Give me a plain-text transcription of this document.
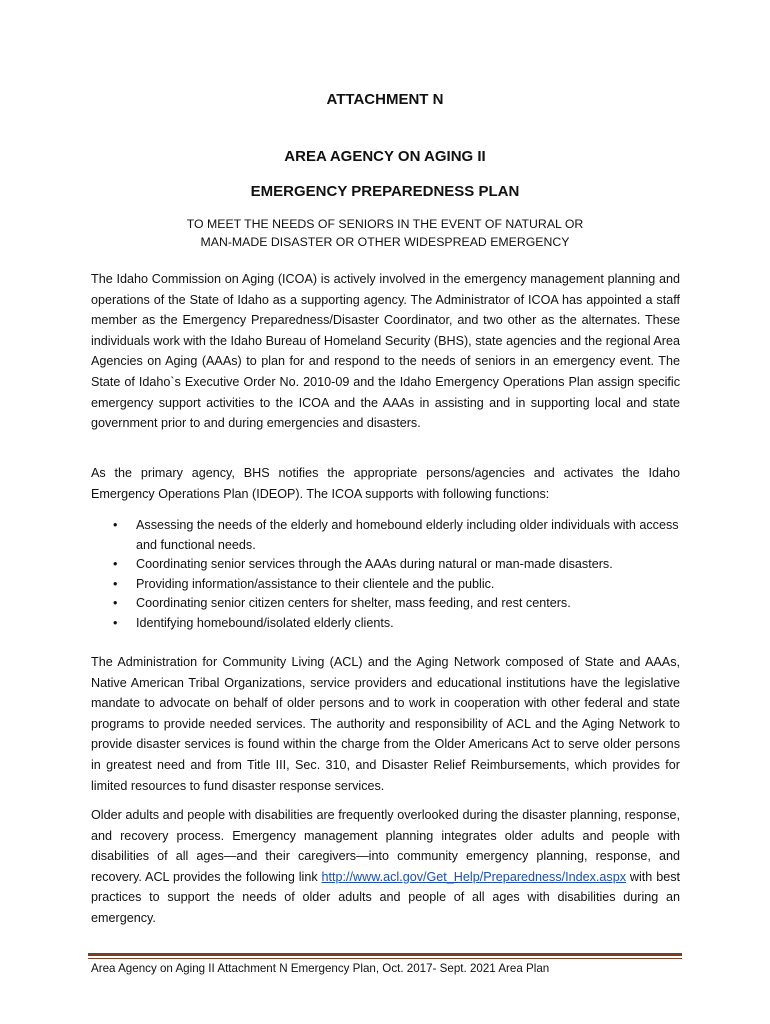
ATTACHMENT N
AREA AGENCY ON AGING II
EMERGENCY PREPAREDNESS PLAN
TO MEET THE NEEDS OF SENIORS IN THE EVENT OF NATURAL OR
MAN-MADE DISASTER OR OTHER WIDESPREAD EMERGENCY

The Idaho Commission on Aging (ICOA) is actively involved in the emergency management planning and operations of the State of Idaho as a supporting agency. The Administrator of ICOA has appointed a staff member as the Emergency Preparedness/Disaster Coordinator, and two other as the alternates. These individuals work with the Idaho Bureau of Homeland Security (BHS), state agencies and the regional Area Agencies on Aging (AAAs) to plan for and respond to the needs of seniors in an emergency event. The State of Idaho`s Executive Order No. 2010-09 and the Idaho Emergency Operations Plan assign specific emergency support activities to the ICOA and the AAAs in assisting and in supporting local and state government prior to and during emergencies and disasters.

As the primary agency, BHS notifies the appropriate persons/agencies and activates the Idaho Emergency Operations Plan (IDEOP). The ICOA supports with following functions:

• Assessing the needs of the elderly and homebound elderly including older individuals with access and functional needs.
• Coordinating senior services through the AAAs during natural or man-made disasters.
• Providing information/assistance to their clientele and the public.
• Coordinating senior citizen centers for shelter, mass feeding, and rest centers.
• Identifying homebound/isolated elderly clients.

The Administration for Community Living (ACL) and the Aging Network composed of State and AAAs, Native American Tribal Organizations, service providers and educational institutions have the legislative mandate to advocate on behalf of older persons and to work in cooperation with other federal and state programs to provide needed services. The authority and responsibility of ACL and the Aging Network to provide disaster services is found within the charge from the Older Americans Act to serve older persons in greatest need and from Title III, Sec. 310, and Disaster Relief Reimbursements, which provides for limited resources to fund disaster response services.

Older adults and people with disabilities are frequently overlooked during the disaster planning, response, and recovery process. Emergency management planning integrates older adults and people with disabilities of all ages—and their caregivers—into community emergency planning, response, and recovery. ACL provides the following link http://www.acl.gov/Get_Help/Preparedness/Index.aspx with best practices to support the needs of older adults and people of all ages with disabilities during an emergency.

Area Agency on Aging II Attachment N Emergency Plan, Oct. 2017- Sept. 2021 Area Plan
